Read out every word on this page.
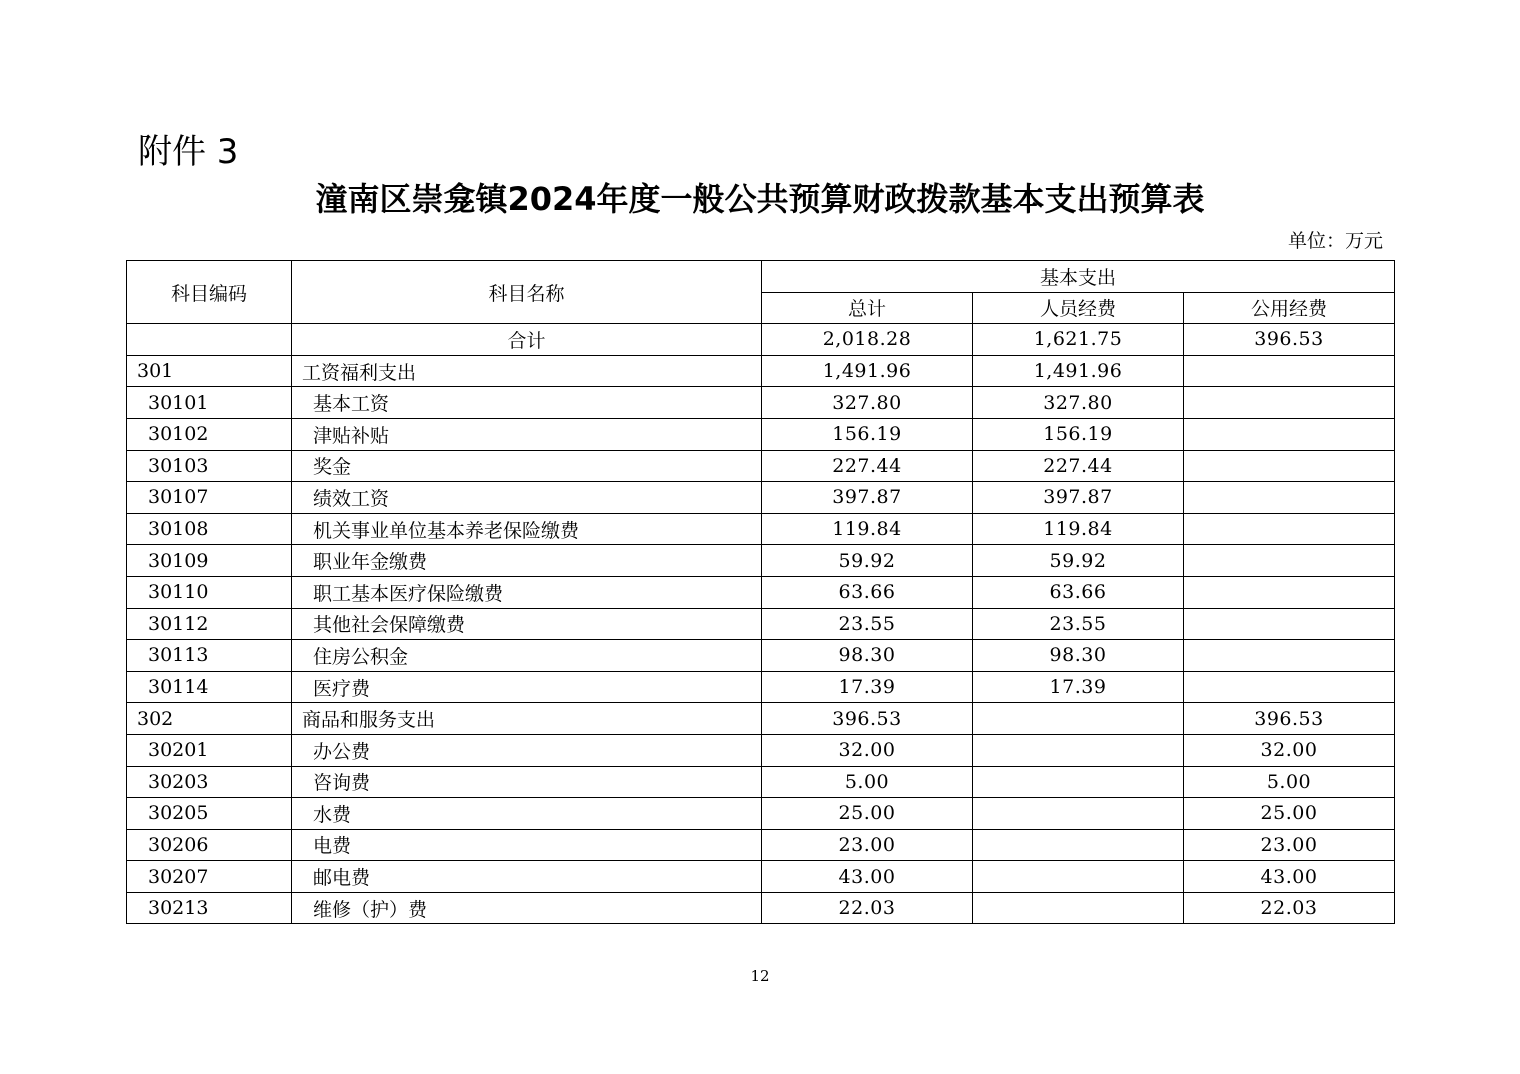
附件 3
潼南区崇龛镇2024年度一般公共预算财政拨款基本支出预算表
单位：万元
科目编码	科目名称	基本支出		
		总计	人员经费	公用经费
	合计	2,018.28	1,621.75	396.53
301	工资福利支出	1,491.96	1,491.96	
30101	基本工资	327.80	327.80	
30102	津贴补贴	156.19	156.19	
30103	奖金	227.44	227.44	
30107	绩效工资	397.87	397.87	
30108	机关事业单位基本养老保险缴费	119.84	119.84	
30109	职业年金缴费	59.92	59.92	
30110	职工基本医疗保险缴费	63.66	63.66	
30112	其他社会保障缴费	23.55	23.55	
30113	住房公积金	98.30	98.30	
30114	医疗费	17.39	17.39	
302	商品和服务支出	396.53		396.53
30201	办公费	32.00		32.00
30203	咨询费	5.00		5.00
30205	水费	25.00		25.00
30206	电费	23.00		23.00
30207	邮电费	43.00		43.00
30213	维修（护）费	22.03		22.03
12
